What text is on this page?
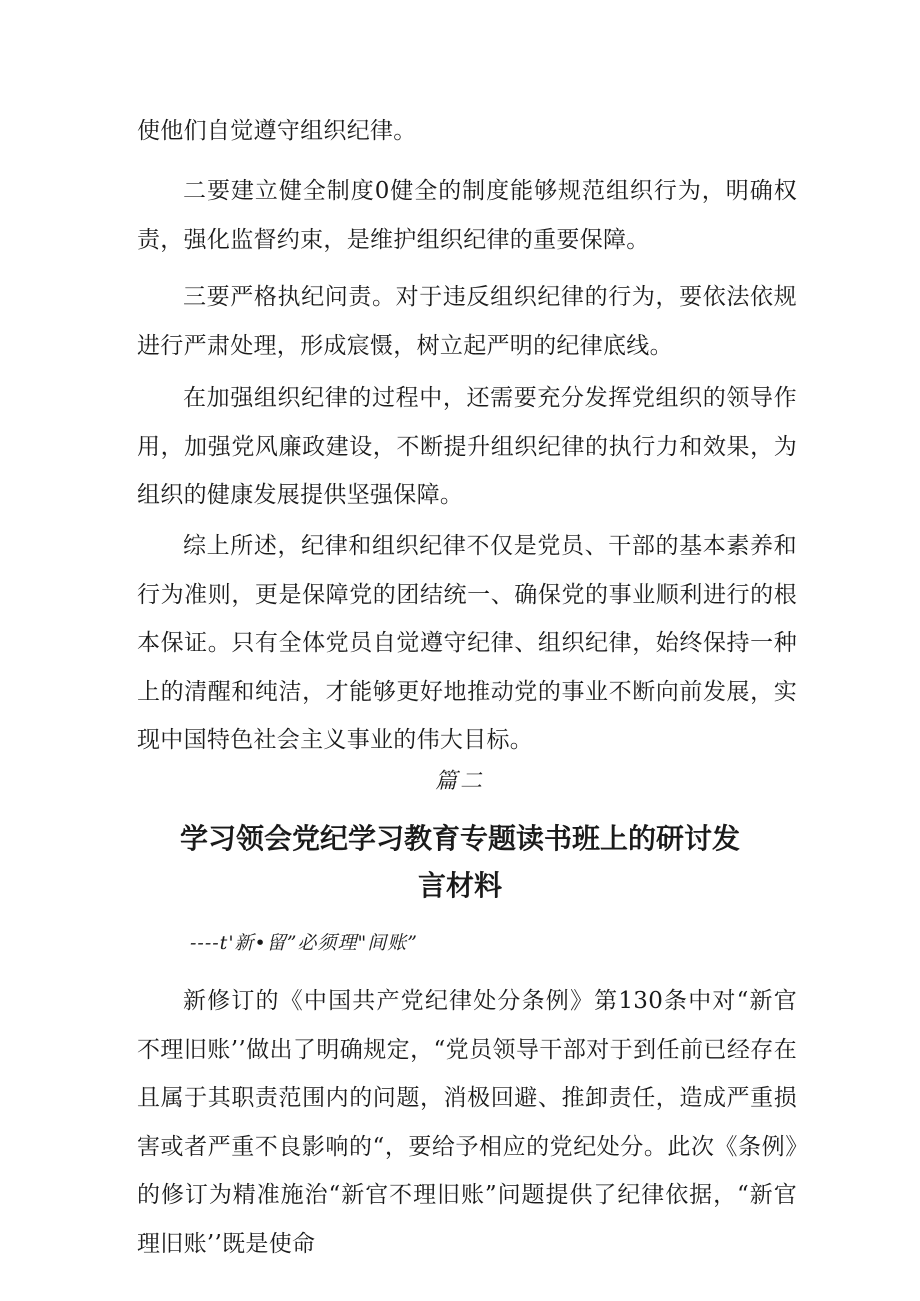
使他们自觉遵守组织纪律。

二要建立健全制度0健全的制度能够规范组织行为，明确权责，强化监督约束，是维护组织纪律的重要保障。

三要严格执纪问责。对于违反组织纪律的行为，要依法依规进行严肃处理，形成宸慑，树立起严明的纪律底线。

在加强组织纪律的过程中，还需要充分发挥党组织的领导作用，加强党风廉政建设，不断提升组织纪律的执行力和效果，为组织的健康发展提供坚强保障。

综上所述，纪律和组织纪律不仅是党员、干部的基本素养和行为准则，更是保障党的团结统一、确保党的事业顺利进行的根本保证。只有全体党员自觉遵守纪律、组织纪律，始终保持一种上的清醒和纯洁，才能够更好地推动党的事业不断向前发展，实现中国特色社会主义事业的伟大目标。

篇二
学习领会党纪学习教育专题读书班上的研讨发
言材料
----t'新•留”必须理"间账”

新修订的《中国共产党纪律处分条例》第130条中对“新官不理旧账’’做出了明确规定，“党员领导干部对于到任前已经存在且属于其职责范围内的问题，消极回避、推卸责任，造成严重损害或者严重不良影响的“，要给予相应的党纪处分。此次《条例》的修订为精准施治“新官不理旧账”问题提供了纪律依据，“新官理旧账’’既是使命
